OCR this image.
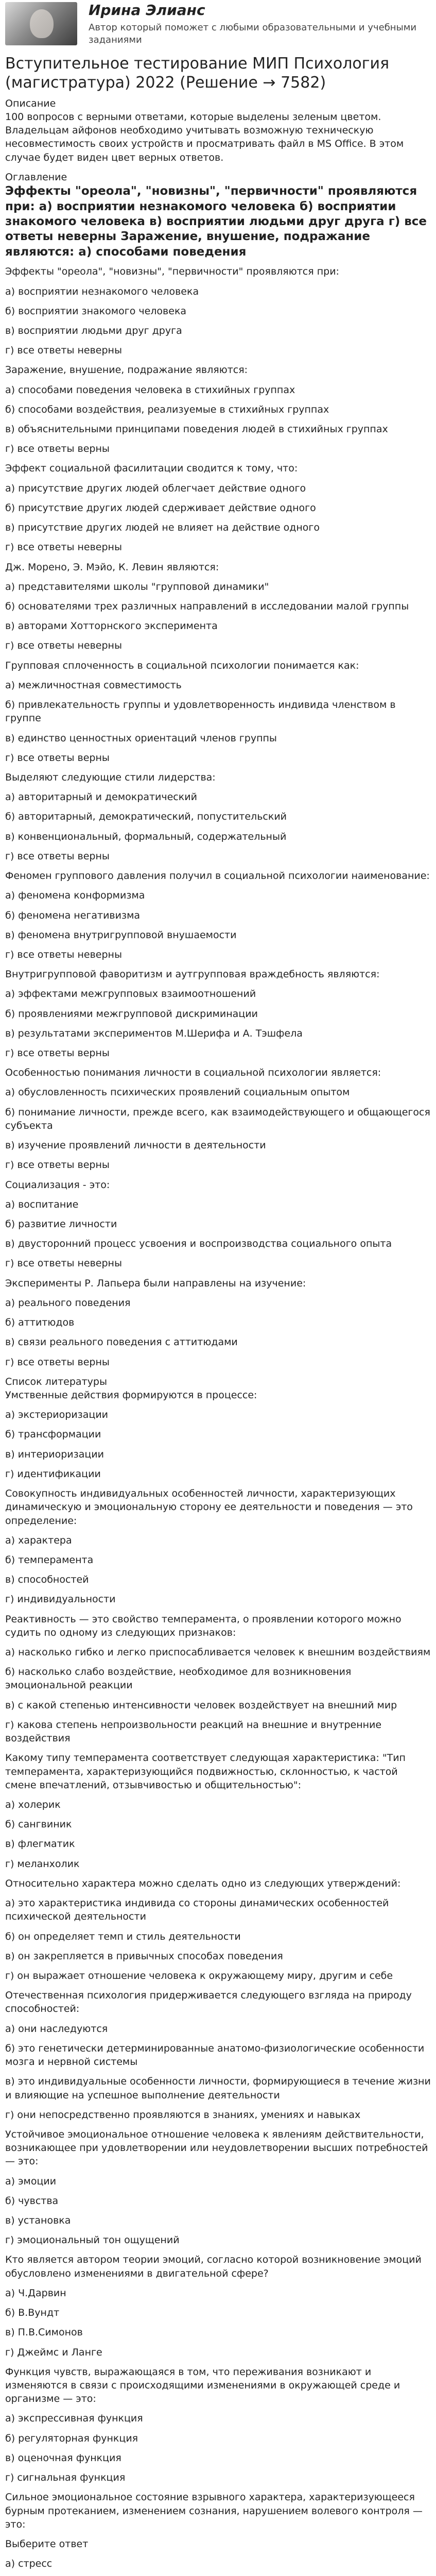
Ирина Элианс
Автор который поможет с любыми образовательными и учебными заданиями
Вступительное тестирование МИП Психология (магистратура) 2022 (Решение → 7582)

Описание

100 вопросов с верными ответами, которые выделены зеленым цветом. Владельцам айфонов необходимо учитывать возможную техническую несовместимость своих устройств и просматривать файл в MS Office. В этом случае будет виден цвет верных ответов.

Оглавление

Эффекты "ореола", "новизны", "первичности" проявляются при: а) восприятии незнакомого человека б) восприятии знакомого человека в) восприятии людьми друг друга г) все ответы неверны Заражение, внушение, подражание являются: а) способами поведения

Эффекты "ореола", "новизны", "первичности" проявляются при:

а) восприятии незнакомого человека

б) восприятии знакомого человека

в) восприятии людьми друг друга

г) все ответы неверны

Заражение, внушение, подражание являются:

а) способами поведения человека в стихийных группах

б) способами воздействия, реализуемые в стихийных группах

в) объяснительными принципами поведения людей в стихийных группах

г) все ответы верны

Эффект социальной фасилитации сводится к тому, что:

а) присутствие других людей облегчает действие одного

б) присутствие других людей сдерживает действие одного

в) присутствие других людей не влияет на действие одного

г) все ответы неверны

Дж. Морено, Э. Мэйо, К. Левин являются:

а) представителями школы "групповой динамики"

б) основателями трех различных направлений в исследовании малой группы

в) авторами Хотторнского эксперимента

г) все ответы неверны

Групповая сплоченность в социальной психологии понимается как:

а) межличностная совместимость

б) привлекательность группы и удовлетворенность индивида членством в группе

в) единство ценностных ориентаций членов группы

г) все ответы верны

Выделяют следующие стили лидерства:

а) авторитарный и демократический

б) авторитарный, демократический, попустительский

в) конвенциональный, формальный, содержательный

г) все ответы верны

Феномен группового давления получил в социальной психологии наименование:

а) феномена конформизма

б) феномена негативизма

в) феномена внутригрупповой внушаемости

г) все ответы неверны

Внутригрупповой фаворитизм и аутгрупповая враждебность являются:

а) эффектами межгрупповых взаимоотношений

б) проявлениями межгрупповой дискриминации

в) результатами экспериментов М.Шерифа и А. Тэшфела

г) все ответы верны

Особенностью понимания личности в социальной психологии является:

а) обусловленность психических проявлений социальным опытом

б) понимание личности, прежде всего, как взаимодействующего и общающегося субъекта

в) изучение проявлений личности в деятельности

г) все ответы верны

Социализация - это:

а) воспитание

б) развитие личности

в) двусторонний процесс усвоения и воспроизводства социального опыта

г) все ответы неверны

Эксперименты Р. Лапьера были направлены на изучение:

а) реального поведения

б) аттитюдов

в) связи реального поведения с аттитюдами

г) все ответы верны

Список литературы

Умственные действия формируются в процессе:

а) экстериоризации

б) трансформации

в) интериоризации

г) идентификации

Совокупность индивидуальных особенностей личности, характеризующих динамическую и эмоциональную сторону ее деятельности и поведения — это определение:

а) характера

б) темперамента

в) способностей

г) индивидуальности

Реактивность — это свойство темперамента, о проявлении которого можно судить по одному из следующих признаков:

а) насколько гибко и легко приспосабливается человек к внешним воздействиям

б) насколько слабо воздействие, необходимое для возникновения эмоциональной реакции

в) с какой степенью интенсивности человек воздействует на внешний мир

г) какова степень непроизвольности реакций на внешние и внутренние воздействия

Какому типу темперамента соответствует следующая характеристика: "Тип темперамента, характеризующийся подвижностью, склонностью, к частой смене впечатлений, отзывчивостью и общительностью":

а) холерик

б) сангвиник

в) флегматик

г) меланхолик

Относительно характера можно сделать одно из следующих утверждений:

а) это характеристика индивида со стороны динамических особенностей психической деятельности

б) он определяет темп и стиль деятельности

в) он закрепляется в привычных способах поведения

г) он выражает отношение человека к окружающему миру, другим и себе

Отечественная психология придерживается следующего взгляда на природу способностей:

а) они наследуются

б) это генетически детерминированные анатомо-физиологические особенности мозга и нервной системы

в) это индивидуальные особенности личности, формирующиеся в течение жизни и влияющие на успешное выполнение деятельности

г) они непосредственно проявляются в знаниях, умениях и навыках

Устойчивое эмоциональное отношение человека к явлениям действительности, возникающее при удовлетворении или неудовлетворении высших потребностей — это:

а) эмоции

б) чувства

в) установка

г) эмоциональный тон ощущений

Кто является автором теории эмоций, согласно которой возникновение эмоций обусловлено изменениями в двигательной сфере?

а) Ч.Дарвин

б) В.Вундт

в) П.В.Симонов

г) Джеймс и Ланге

Функция чувств, выражающаяся в том, что переживания возникают и изменяются в связи с происходящими изменениями в окружающей среде и организме — это:

а) экспрессивная функция

б) регуляторная функция

в) оценочная функция

г) сигнальная функция

Сильное эмоциональное состояние взрывного характера, характеризующееся бурным протеканием, изменением сознания, нарушением волевого контроля — это:

Выберите ответ

а) стресс
